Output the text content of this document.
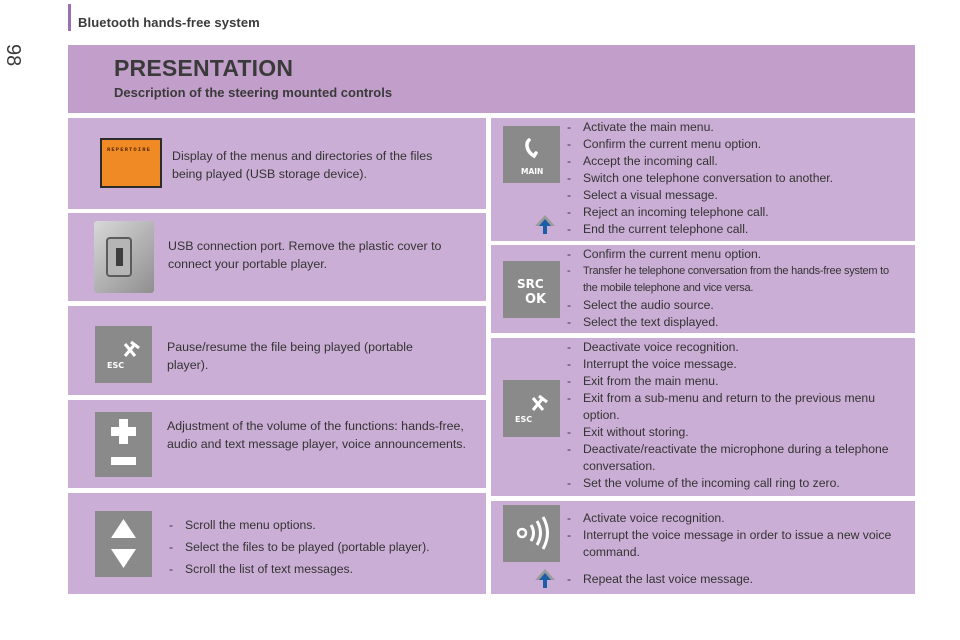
Bluetooth hands-free system
98	PRESENTATION
Description of the steering mounted controls
REPERTOIRE Display of the menus and directories of the files being played (USB storage device).
USB connection port. Remove the plastic cover to connect your portable player.
ESC
Pause/resume the file being played (portable player).
Adjustment of the volume of the functions: hands-free, audio and text message player, voice announcements.
- Scroll the menu options.
- Select the files to be played (portable player).
- Scroll the list of text messages.
MAIN
- Activate the main menu.
- Confirm the current menu option.
- Accept the incoming call.
- Switch one telephone conversation to another.
- Select a visual message.
- Reject an incoming telephone call.
- End the current telephone call.
SRC
OK
- Confirm the current menu option.
- Transfer he telephone conversation from the hands-free system to the mobile telephone and vice versa.
- Select the audio source.
- Select the text displayed.
ESC
- Deactivate voice recognition.
- Interrupt the voice message.
- Exit from the main menu.
- Exit from a sub-menu and return to the previous menu option.
- Exit without storing.
- Deactivate/reactivate the microphone during a telephone conversation.
- Set the volume of the incoming call ring to zero.
- Activate voice recognition.
- Interrupt the voice message in order to issue a new voice command.
- Repeat the last voice message.
